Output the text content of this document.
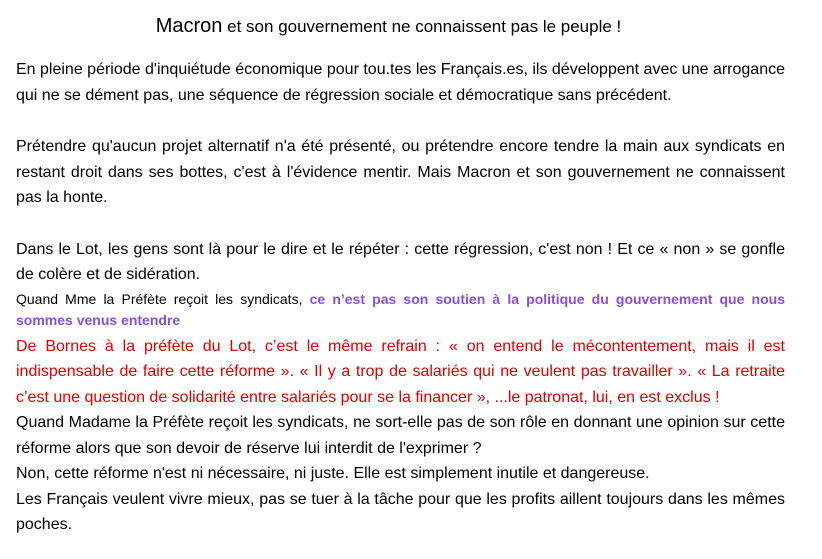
Macron et son gouvernement ne connaissent pas le peuple !

En pleine période d'inquiétude économique pour tou.tes les Français.es, ils développent avec une arrogance qui ne se dément pas, une séquence de régression sociale et démocratique sans précédent.

Prétendre qu'aucun projet alternatif n'a été présenté, ou prétendre encore tendre la main aux syndicats en restant droit dans ses bottes, c'est à l'évidence mentir. Mais Macron et son gouvernement ne connaissent pas la honte.

Dans le Lot, les gens sont là pour le dire et le répéter : cette régression, c'est non ! Et ce « non » se gonfle de colère et de sidération.

Quand Mme la Préfète reçoit les syndicats, ce n’est pas son soutien à la politique du gouvernement que nous sommes venus entendre

De Bornes à la préfète du Lot, c’est le même refrain : « on entend le mécontentement, mais il est indispensable de faire cette réforme ». « Il y a trop de salariés qui ne veulent pas travailler ». « La retraite c’est une question de solidarité entre salariés pour se la financer », ...le patronat, lui, en est exclus !

Quand Madame la Préfète reçoit les syndicats, ne sort-elle pas de son rôle en donnant une opinion sur cette réforme alors que son devoir de réserve lui interdit de l'exprimer ?

Non, cette réforme n'est ni nécessaire, ni juste. Elle est simplement inutile et dangereuse.

Les Français veulent vivre mieux, pas se tuer à la tâche pour que les profits aillent toujours dans les mêmes poches.
